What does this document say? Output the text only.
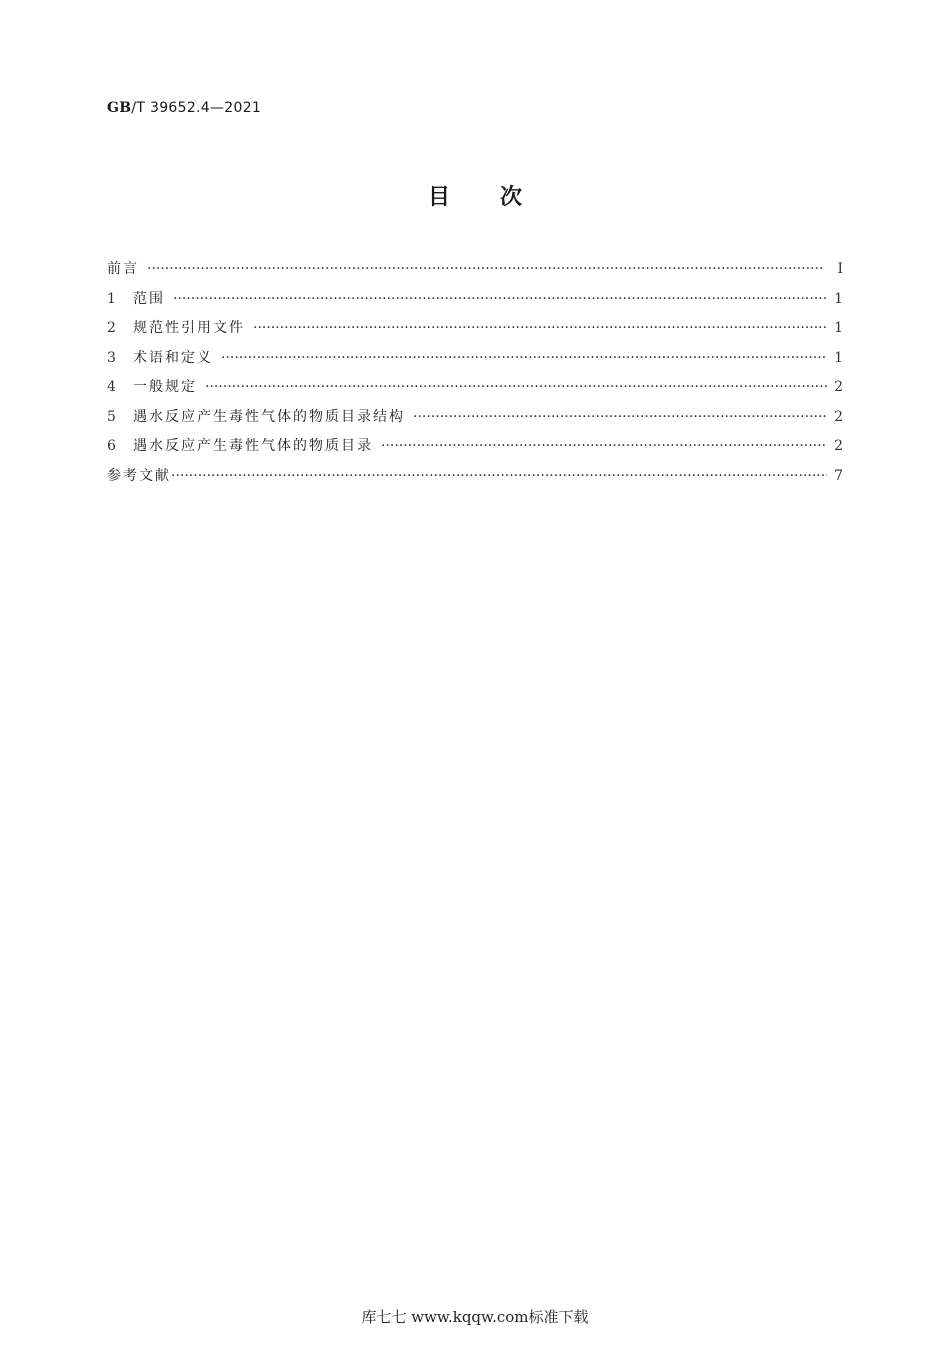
GB/T 39652.4—2021
目次
前言 ·····	Ⅰ
1	范围 ·····	1
2	规范性引用文件 ·····	1
3	术语和定义 ·····	1
4	一般规定 ·····	2
5	遇水反应产生毒性气体的物质目录结构 ·····	2
6	遇水反应产生毒性气体的物质目录 ·····	2
参考文献 ·····	7
库七七 www.kqqw.com标准下载
